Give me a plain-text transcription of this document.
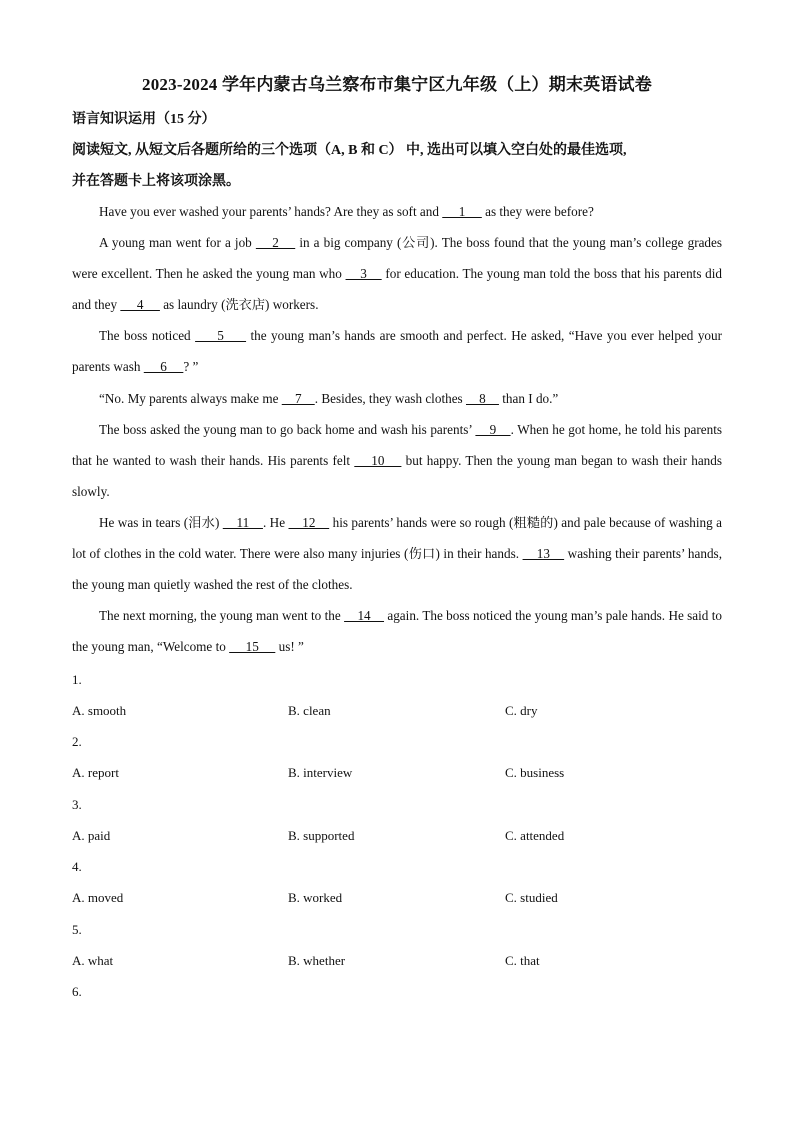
2023-2024 学年内蒙古乌兰察布市集宁区九年级（上）期末英语试卷
语言知识运用（15 分）
阅读短文, 从短文后各题所给的三个选项（A, B 和 C） 中, 选出可以填入空白处的最佳选项,
并在答题卡上将该项涂黑。
Have you ever washed your parents’ hands? Are they as soft and      1      as they were before?
A young man went for a job     2     in a big company (公司). The boss found that the young man’s college grades were excellent. Then he asked the young man who     3     for education. The young man told the boss that his parents did and they      4      as laundry (洗衣店) workers.
The boss noticed      5      the young man’s hands are smooth and perfect. He asked, “Have you ever helped your parents wash      6     ? ”
“No. My parents always make me     7    . Besides, they wash clothes     8     than I do.”
The boss asked the young man to go back home and wash his parents’     9    . When he got home, he told his parents that he wanted to wash their hands. His parents felt     10     but happy. Then the young man began to wash their hands slowly.
He was in tears (泪水)     11    . He     12     his parents’ hands were so rough (粗糙的) and pale because of washing a lot of clothes in the cold water. There were also many injuries (伤口) in their hands.     13     washing their parents’ hands, the young man quietly washed the rest of the clothes.
The next morning, the young man went to the     14     again. The boss noticed the young man’s pale hands. He said to the young man, “Welcome to      15      us! ”
1.
A. smooth	B. clean	C. dry
2.
A. report	B. interview	C. business
3.
A. paid	B. supported	C. attended
4.
A. moved	B. worked	C. studied
5.
A. what	B. whether	C. that
6.
